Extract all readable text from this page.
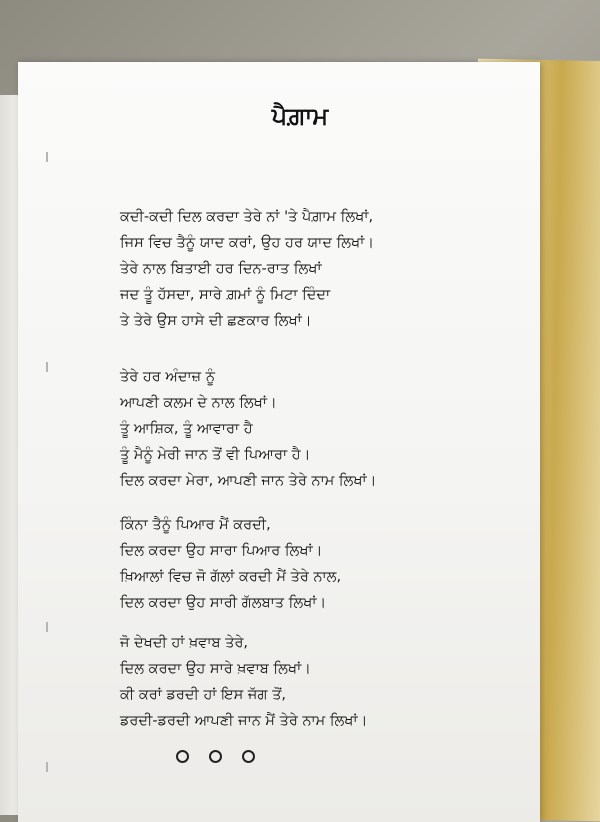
ਪੈਗ਼ਾਮ
ਕਦੀ-ਕਦੀ ਦਿਲ ਕਰਦਾ ਤੇਰੇ ਨਾਂ 'ਤੇ ਪੈਗ਼ਾਮ ਲਿਖਾਂ,
ਜਿਸ ਵਿਚ ਤੈਨੂੰ ਯਾਦ ਕਰਾਂ, ਉਹ ਹਰ ਯਾਦ ਲਿਖਾਂ।
ਤੇਰੇ ਨਾਲ ਬਿਤਾਈ ਹਰ ਦਿਨ-ਰਾਤ ਲਿਖਾਂ
ਜਦ ਤੂੰ ਹੱਸਦਾ, ਸਾਰੇ ਗ਼ਮਾਂ ਨੂੰ ਮਿਟਾ ਦਿੰਦਾ
ਤੇ ਤੇਰੇ ਉਸ ਹਾਸੇ ਦੀ ਛਣਕਾਰ ਲਿਖਾਂ।
ਤੇਰੇ ਹਰ ਅੰਦਾਜ਼ ਨੂੰ
ਆਪਣੀ ਕਲਮ ਦੇ ਨਾਲ ਲਿਖਾਂ।
ਤੂੰ ਆਸ਼ਿਕ, ਤੂੰ ਆਵਾਰਾ ਹੈ
ਤੂੰ ਮੈਨੂੰ ਮੇਰੀ ਜਾਨ ਤੋਂ ਵੀ ਪਿਆਰਾ ਹੈ।
ਦਿਲ ਕਰਦਾ ਮੇਰਾ, ਆਪਣੀ ਜਾਨ ਤੇਰੇ ਨਾਮ ਲਿਖਾਂ।
ਕਿੰਨਾ ਤੈਨੂੰ ਪਿਆਰ ਮੈਂ ਕਰਦੀ,
ਦਿਲ ਕਰਦਾ ਉਹ ਸਾਰਾ ਪਿਆਰ ਲਿਖਾਂ।
ਖ਼ਿਆਲਾਂ ਵਿਚ ਜੋ ਗੱਲਾਂ ਕਰਦੀ ਮੈਂ ਤੇਰੇ ਨਾਲ,
ਦਿਲ ਕਰਦਾ ਉਹ ਸਾਰੀ ਗੱਲਬਾਤ ਲਿਖਾਂ।
ਜੋ ਦੇਖਦੀ ਹਾਂ ਖ਼ਵਾਬ ਤੇਰੇ,
ਦਿਲ ਕਰਦਾ ਉਹ ਸਾਰੇ ਖ਼ਵਾਬ ਲਿਖਾਂ।
ਕੀ ਕਰਾਂ ਡਰਦੀ ਹਾਂ ਇਸ ਜੱਗ ਤੋਂ,
ਡਰਦੀ-ਡਰਦੀ ਆਪਣੀ ਜਾਨ ਮੈਂ ਤੇਰੇ ਨਾਮ ਲਿਖਾਂ।
